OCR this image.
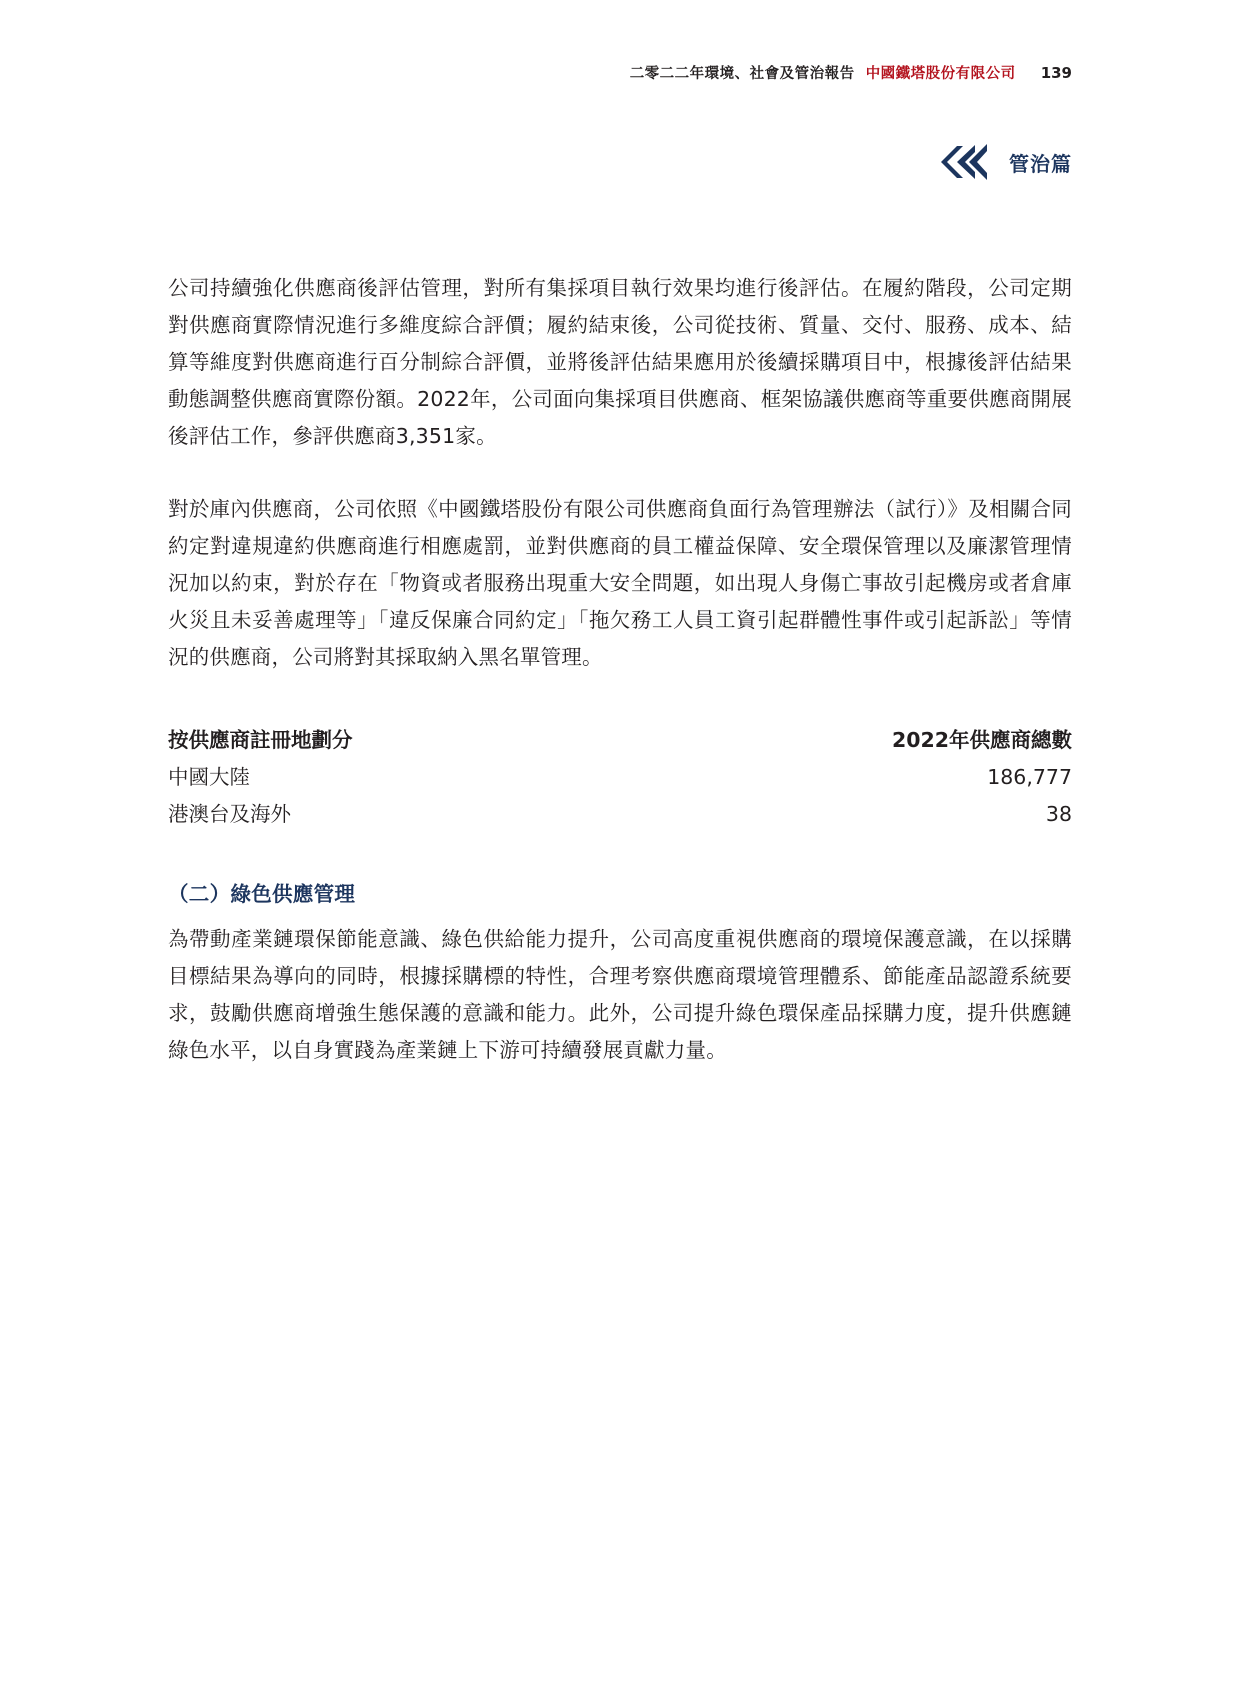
二零二二年環境、社會及管治報告 中國鐵塔股份有限公司 139
管治篇

公司持續強化供應商後評估管理，對所有集採項目執行效果均進行後評估。在履約階段，公司定期對供應商實際情況進行多維度綜合評價；履約結束後，公司從技術、質量、交付、服務、成本、結算等維度對供應商進行百分制綜合評價，並將後評估結果應用於後續採購項目中，根據後評估結果動態調整供應商實際份額。2022年，公司面向集採項目供應商、框架協議供應商等重要供應商開展後評估工作，參評供應商3,351家。

對於庫內供應商，公司依照《中國鐵塔股份有限公司供應商負面行為管理辦法（試行）》及相關合同約定對違規違約供應商進行相應處罰，並對供應商的員工權益保障、安全環保管理以及廉潔管理情況加以約束，對於存在「物資或者服務出現重大安全問題，如出現人身傷亡事故引起機房或者倉庫火災且未妥善處理等」「違反保廉合同約定」「拖欠務工人員工資引起群體性事件或引起訴訟」等情況的供應商，公司將對其採取納入黑名單管理。

按供應商註冊地劃分	2022年供應商總數
中國大陸	186,777
港澳台及海外	38
（二）綠色供應管理

為帶動產業鏈環保節能意識、綠色供給能力提升，公司高度重視供應商的環境保護意識，在以採購目標結果為導向的同時，根據採購標的特性，合理考察供應商環境管理體系、節能產品認證系統要求，鼓勵供應商增強生態保護的意識和能力。此外，公司提升綠色環保產品採購力度，提升供應鏈綠色水平，以自身實踐為產業鏈上下游可持續發展貢獻力量。
